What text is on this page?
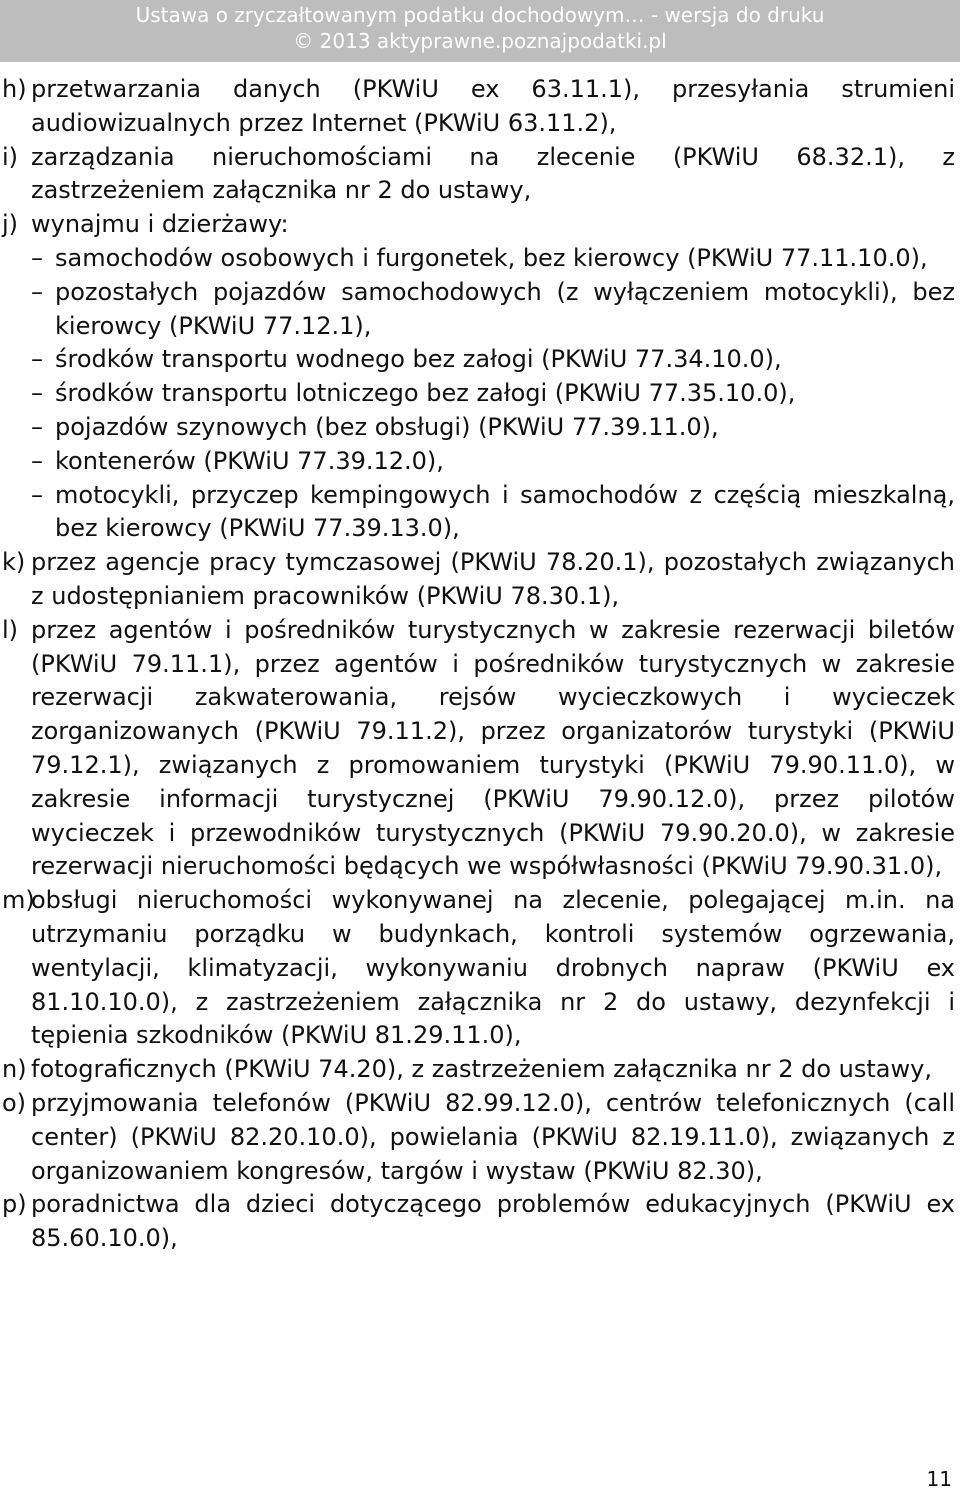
Ustawa o zryczałtowanym podatku dochodowym… - wersja do druku
© 2013 aktyprawne.poznajpodatki.pl
h) przetwarzania danych (PKWiU ex 63.11.1), przesyłania strumieni audiowizualnych przez Internet (PKWiU 63.11.2),
i) zarządzania nieruchomościami na zlecenie (PKWiU 68.32.1), z zastrzeżeniem załącznika nr 2 do ustawy,
j) wynajmu i dzierżawy:
– samochodów osobowych i furgonetek, bez kierowcy (PKWiU 77.11.10.0),
– pozostałych pojazdów samochodowych (z wyłączeniem motocykli), bez kierowcy (PKWiU 77.12.1),
– środków transportu wodnego bez załogi (PKWiU 77.34.10.0),
– środków transportu lotniczego bez załogi (PKWiU 77.35.10.0),
– pojazdów szynowych (bez obsługi) (PKWiU 77.39.11.0),
– kontenerów (PKWiU 77.39.12.0),
– motocykli, przyczep kempingowych i samochodów z częścią mieszkalną, bez kierowcy (PKWiU 77.39.13.0),
k) przez agencje pracy tymczasowej (PKWiU 78.20.1), pozostałych związanych z udostępnianiem pracowników (PKWiU 78.30.1),
l) przez agentów i pośredników turystycznych w zakresie rezerwacji biletów (PKWiU 79.11.1), przez agentów i pośredników turystycznych w zakresie rezerwacji zakwaterowania, rejsów wycieczkowych i wycieczek zorganizowanych (PKWiU 79.11.2), przez organizatorów turystyki (PKWiU 79.12.1), związanych z promowaniem turystyki (PKWiU 79.90.11.0), w zakresie informacji turystycznej (PKWiU 79.90.12.0), przez pilotów wycieczek i przewodników turystycznych (PKWiU 79.90.20.0), w zakresie rezerwacji nieruchomości będących we współwłasności (PKWiU 79.90.31.0),
m)
obsługi nieruchomości wykonywanej na zlecenie, polegającej m.in. na utrzymaniu porządku w budynkach, kontroli systemów ogrzewania, wentylacji, klimatyzacji, wykonywaniu drobnych napraw (PKWiU ex 81.10.10.0), z zastrzeżeniem załącznika nr 2 do ustawy, dezynfekcji i tępienia szkodników (PKWiU 81.29.11.0),
n) fotograficznych (PKWiU 74.20), z zastrzeżeniem załącznika nr 2 do ustawy,
o) przyjmowania telefonów (PKWiU 82.99.12.0), centrów telefonicznych (call center) (PKWiU 82.20.10.0), powielania (PKWiU 82.19.11.0), związanych z organizowaniem kongresów, targów i wystaw (PKWiU 82.30),
p) poradnictwa dla dzieci dotyczącego problemów edukacyjnych (PKWiU ex 85.60.10.0),
11
